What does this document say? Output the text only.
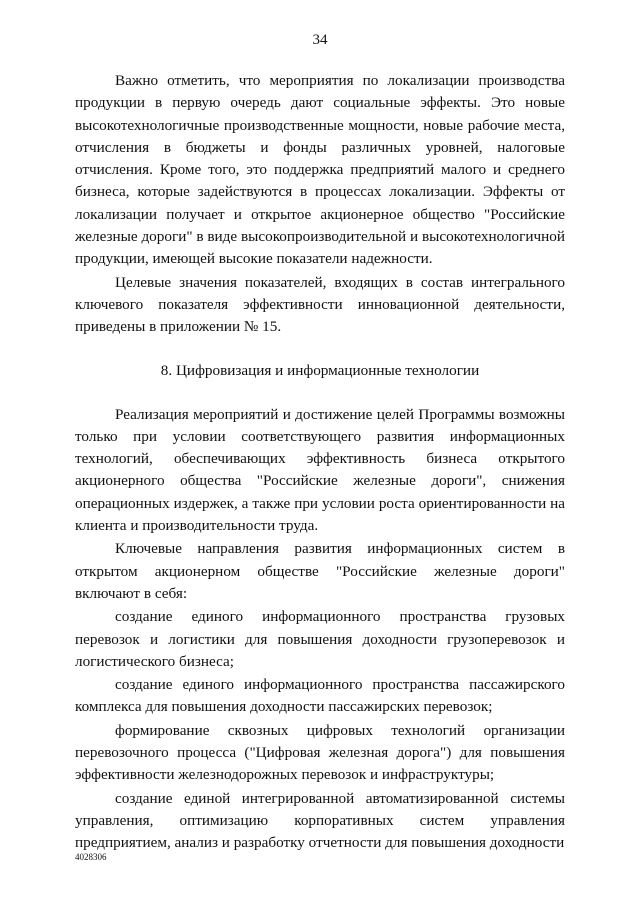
34

Важно отметить, что мероприятия по локализации производства продукции в первую очередь дают социальные эффекты. Это новые высокотехнологичные производственные мощности, новые рабочие места, отчисления в бюджеты и фонды различных уровней, налоговые отчисления. Кроме того, это поддержка предприятий малого и среднего бизнеса, которые задействуются в процессах локализации. Эффекты от локализации получает и открытое акционерное общество "Российские железные дороги" в виде высокопроизводительной и высокотехнологичной продукции, имеющей высокие показатели надежности.

Целевые значения показателей, входящих в состав интегрального ключевого показателя эффективности инновационной деятельности, приведены в приложении № 15.

8. Цифровизация и информационные технологии

Реализация мероприятий и достижение целей Программы возможны только при условии соответствующего развития информационных технологий, обеспечивающих эффективность бизнеса открытого акционерного общества "Российские железные дороги", снижения операционных издержек, а также при условии роста ориентированности на клиента и производительности труда.

Ключевые направления развития информационных систем в открытом акционерном обществе "Российские железные дороги" включают в себя:

создание единого информационного пространства грузовых перевозок и логистики для повышения доходности грузоперевозок и логистического бизнеса;

создание единого информационного пространства пассажирского комплекса для повышения доходности пассажирских перевозок;

формирование сквозных цифровых технологий организации перевозочного процесса ("Цифровая железная дорога") для повышения эффективности железнодорожных перевозок и инфраструктуры;

создание единой интегрированной автоматизированной системы управления, оптимизацию корпоративных систем управления предприятием, анализ и разработку отчетности для повышения доходности

4028306
